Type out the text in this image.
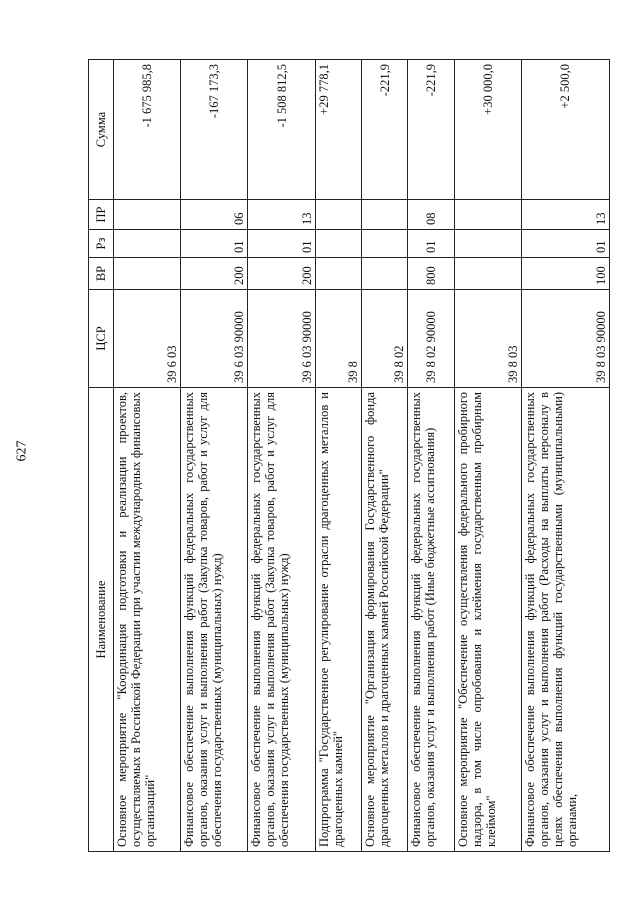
627
Наименование	ЦСР	ВР	Рз	ПР	Сумма
Основное мероприятие "Координация подготовки и реализации проектов, осуществляемых в Российской Федерации при участии международных финансовых организаций"	39 6 03				-1 675 985,8
Финансовое обеспечение выполнения функций федеральных государственных органов, оказания услуг и выполнения работ (Закупка товаров, работ и услуг для обеспечения государственных (муниципальных) нужд)	39 6 03 90000	200	01	06	-167 173,3
Финансовое обеспечение выполнения функций федеральных государственных органов, оказания услуг и выполнения работ (Закупка товаров, работ и услуг для обеспечения государственных (муниципальных) нужд)	39 6 03 90000	200	01	13	-1 508 812,5
Подпрограмма "Государственное регулирование отрасли драгоценных металлов и драгоценных камней"	39 8				+29 778,1
Основное мероприятие "Организация формирования Государственного фонда драгоценных металлов и драгоценных камней Российской Федерации"	39 8 02				-221,9
Финансовое обеспечение выполнения функций федеральных государственных органов, оказания услуг и выполнения работ (Иные бюджетные ассигнования)	39 8 02 90000	800	01	08	-221,9
Основное мероприятие "Обеспечение осуществления федерального пробирного надзора, в том числе опробования и клеймения государственным пробирным клеймом"	39 8 03				+30 000,0
Финансовое обеспечение выполнения функций федеральных государственных органов, оказания услуг и выполнения работ (Расходы на выплаты персоналу в целях обеспечения выполнения функций государственными (муниципальными) органами,	39 8 03 90000	100	01	13	+2 500,0
